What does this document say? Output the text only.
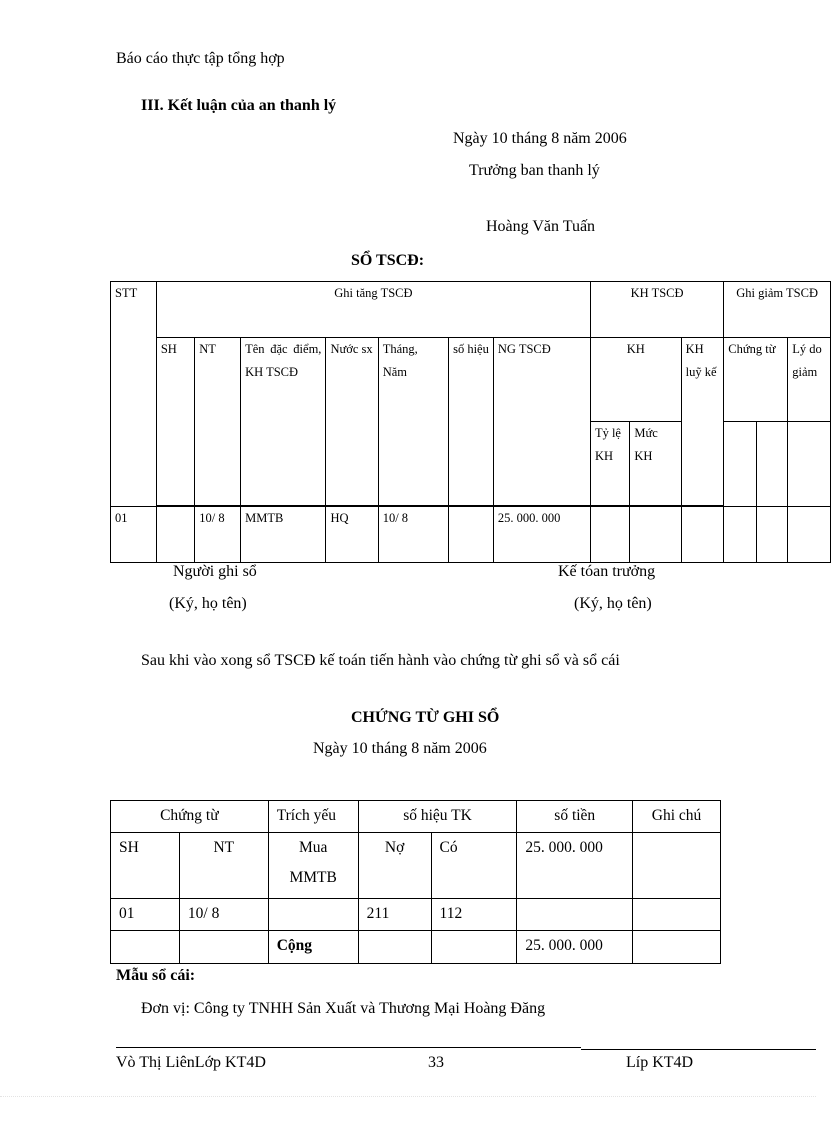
Báo cáo thực tập tổng hợp
III. Kết luận của an thanh lý
Ngày 10 tháng 8 năm 2006
Trưởng ban thanh lý
Hoàng Văn Tuấn
SỔ TSCĐ:
STT	Ghi tăng TSCĐ							KH TSCĐ			Ghi giảm TSCĐ		
	SH	NT	Tên đặc điểm, KH TSCĐ	Nước sx	Tháng, Năm	số hiệu	NG TSCĐ	KH		KH luỹ kế	Chứng từ		Lý do giảm
								Tỷ lệ KH	Mức KH				

01		10/ 8	MMTB	HQ	10/ 8		25. 000. 000						
Người ghi sổ
(Ký, họ tên)
Kế tóan trưởng
(Ký, họ tên)
Sau khi vào xong sổ TSCĐ kế toán tiến hành vào chứng từ ghi sổ và sổ cái
CHỨNG TỪ GHI SỔ
Ngày 10 tháng 8 năm 2006
Chứng từ		Trích yếu	số hiệu TK		số tiền	Ghi chú
SH	NT	Mua MMTB	Nợ	Có	25. 000. 000	
01	10/ 8		211	112		
		Cộng			25. 000. 000	
Mẫu sổ cái:
Đơn vị: Công ty TNHH Sản Xuất và Thương Mại Hoàng Đăng
Vò Thị LiênLớp KT4D	33	Líp KT4D
